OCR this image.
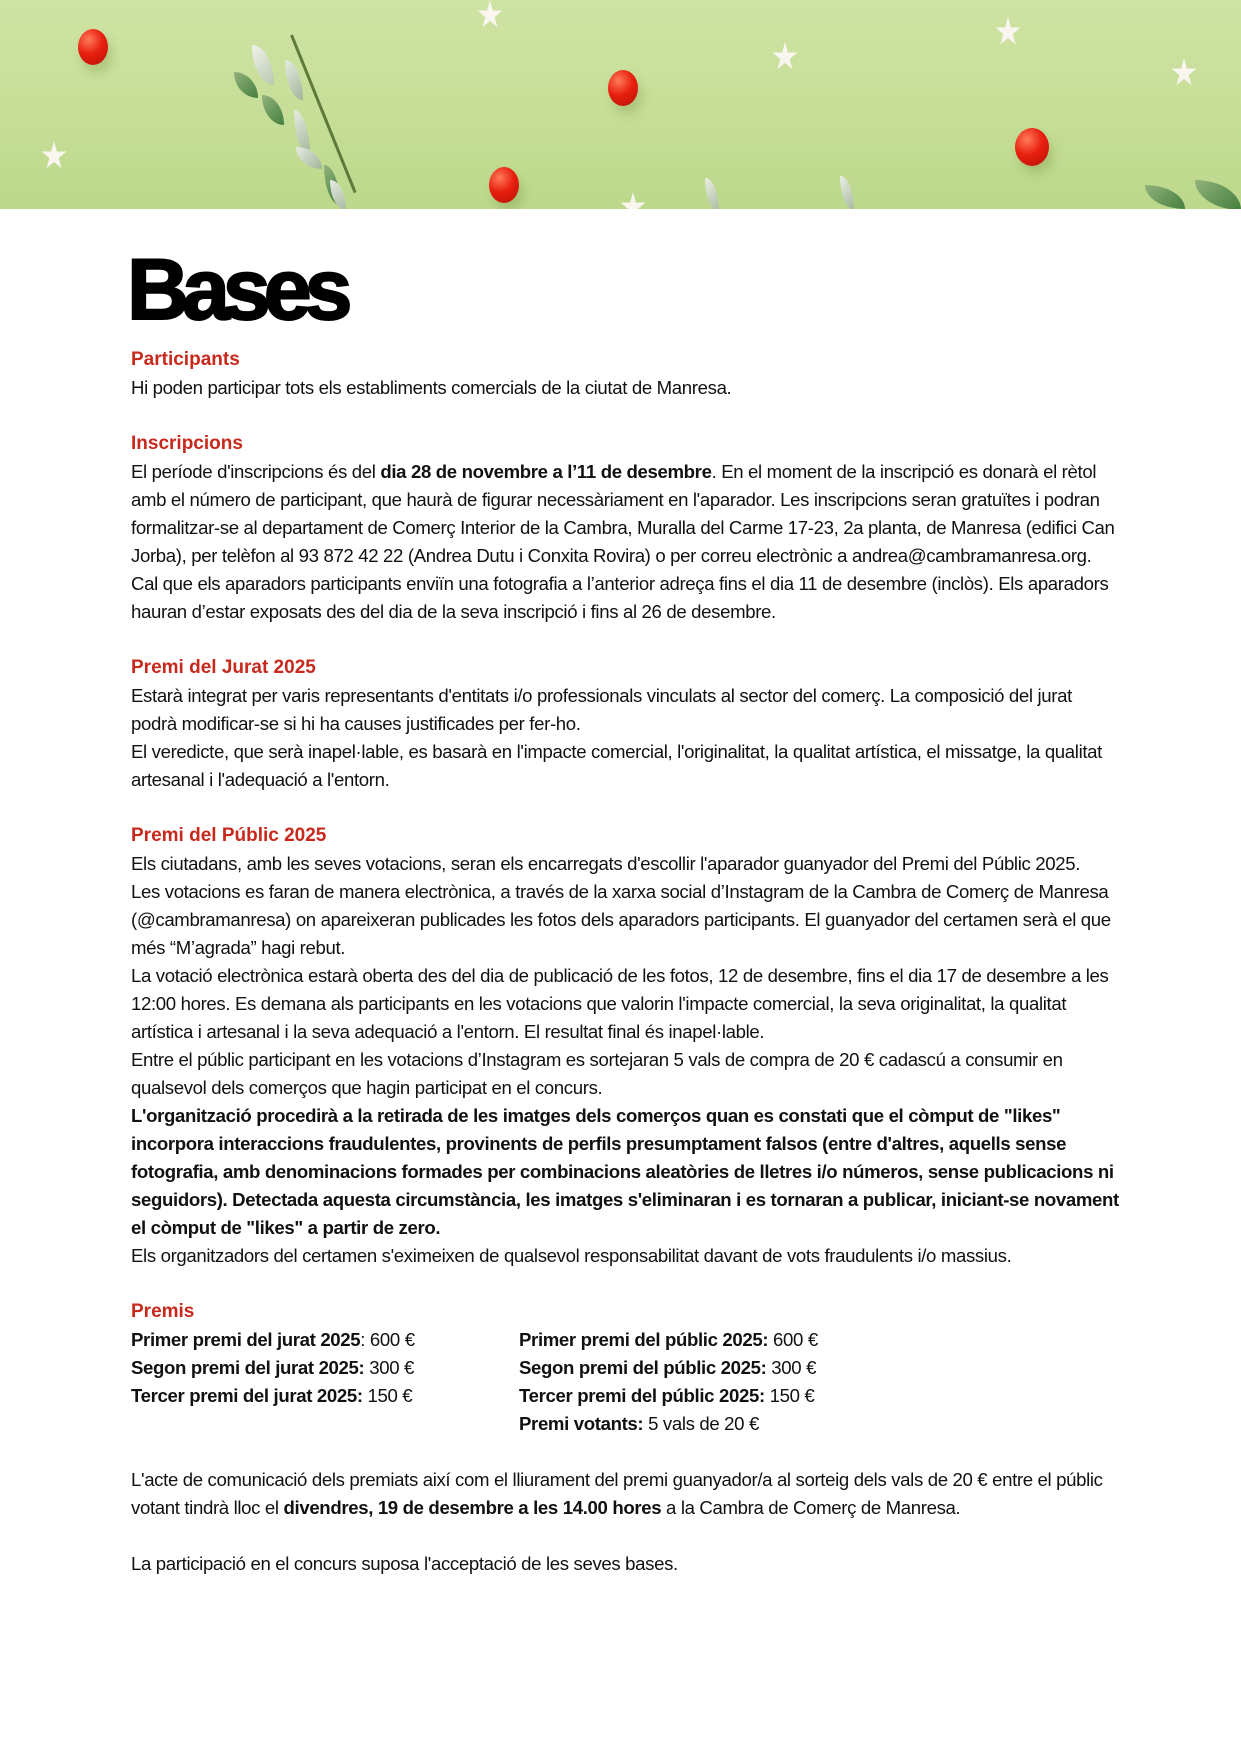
Bases
Participants
Hi poden participar tots els establiments comercials de la ciutat de Manresa.
Inscripcions
El període d'inscripcions és del dia 28 de novembre a l’11 de desembre. En el moment de la inscripció es donarà el rètol amb el número de participant, que haurà de figurar necessàriament en l'aparador. Les inscripcions seran gratuïtes i podran formalitzar-se al departament de Comerç Interior de la Cambra, Muralla del Carme 17-23, 2a planta, de Manresa (edifici Can Jorba), per telèfon al 93 872 42 22 (Andrea Dutu i Conxita Rovira) o per correu electrònic a andrea@cambramanresa.org. Cal que els aparadors participants enviïn una fotografia a l’anterior adreça fins el dia 11 de desembre (inclòs). Els aparadors hauran d’estar exposats des del dia de la seva inscripció i fins al 26 de desembre.
Premi del Jurat 2025
Estarà integrat per varis representants d'entitats i/o professionals vinculats al sector del comerç. La composició del jurat podrà modificar-se si hi ha causes justificades per fer-ho.
El veredicte, que serà inapel·lable, es basarà en l'impacte comercial, l'originalitat, la qualitat artística, el missatge, la qualitat artesanal i l'adequació a l'entorn.
Premi del Públic 2025
Els ciutadans, amb les seves votacions, seran els encarregats d'escollir l'aparador guanyador del Premi del Públic 2025.
Les votacions es faran de manera electrònica, a través de la xarxa social d’Instagram de la Cambra de Comerç de Manresa (@cambramanresa) on apareixeran publicades les fotos dels aparadors participants. El guanyador del certamen serà el que més “M’agrada” hagi rebut.
La votació electrònica estarà oberta des del dia de publicació de les fotos, 12 de desembre, fins el dia 17 de desembre a les 12:00 hores. Es demana als participants en les votacions que valorin l'impacte comercial, la seva originalitat, la qualitat artística i artesanal i la seva adequació a l'entorn. El resultat final és inapel·lable.
Entre el públic participant en les votacions d’Instagram es sortejaran 5 vals de compra de 20 € cadascú a consumir en qualsevol dels comerços que hagin participat en el concurs.
L'organització procedirà a la retirada de les imatges dels comerços quan es constati que el còmput de "likes" incorpora interaccions fraudulentes, provinents de perfils presumptament falsos (entre d'altres, aquells sense fotografia, amb denominacions formades per combinacions aleatòries de lletres i/o números, sense publicacions ni seguidors). Detectada aquesta circumstància, les imatges s'eliminaran i es tornaran a publicar, iniciant-se novament el còmput de "likes" a partir de zero.
Els organitzadors del certamen s'eximeixen de qualsevol responsabilitat davant de vots fraudulents i/o massius.
Premis
Primer premi del jurat 2025: 600 €
Segon premi del jurat 2025: 300 €
Tercer premi del jurat 2025: 150 €
Primer premi del públic 2025: 600 €
Segon premi del públic 2025: 300 €
Tercer premi del públic 2025: 150 €
Premi votants: 5 vals de 20 €
L'acte de comunicació dels premiats així com el lliurament del premi guanyador/a al sorteig dels vals de 20 € entre el públic votant tindrà lloc el divendres, 19 de desembre a les 14.00 hores a la Cambra de Comerç de Manresa.
La participació en el concurs suposa l'acceptació de les seves bases.
